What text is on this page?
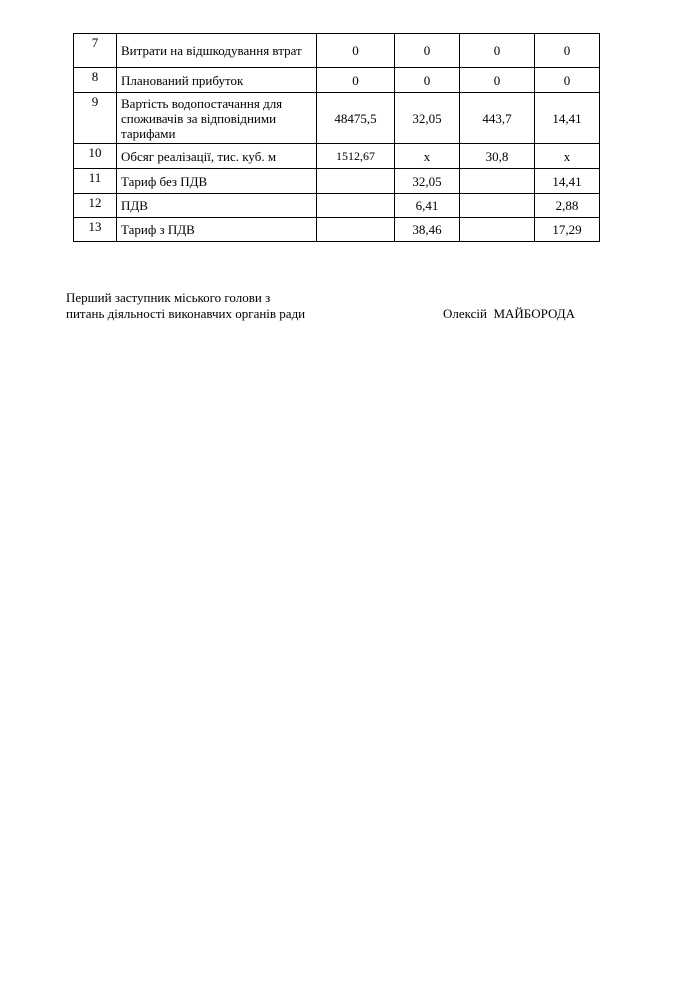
7	Витрати на відшкодування втрат	0	0	0	0
8	Планований прибуток	0	0	0	0
9	Вартість водопостачання для споживачів за відповідними тарифами	48475,5	32,05	443,7	14,41
10	Обсяг реалізації, тис. куб. м	1512,67	х	30,8	х
11	Тариф без ПДВ		32,05		14,41
12	ПДВ		6,41		2,88
13	Тариф з ПДВ		38,46		17,29
Перший заступник міського голови з
питань діяльності виконавчих органів ради	Олексій  МАЙБОРОДА
